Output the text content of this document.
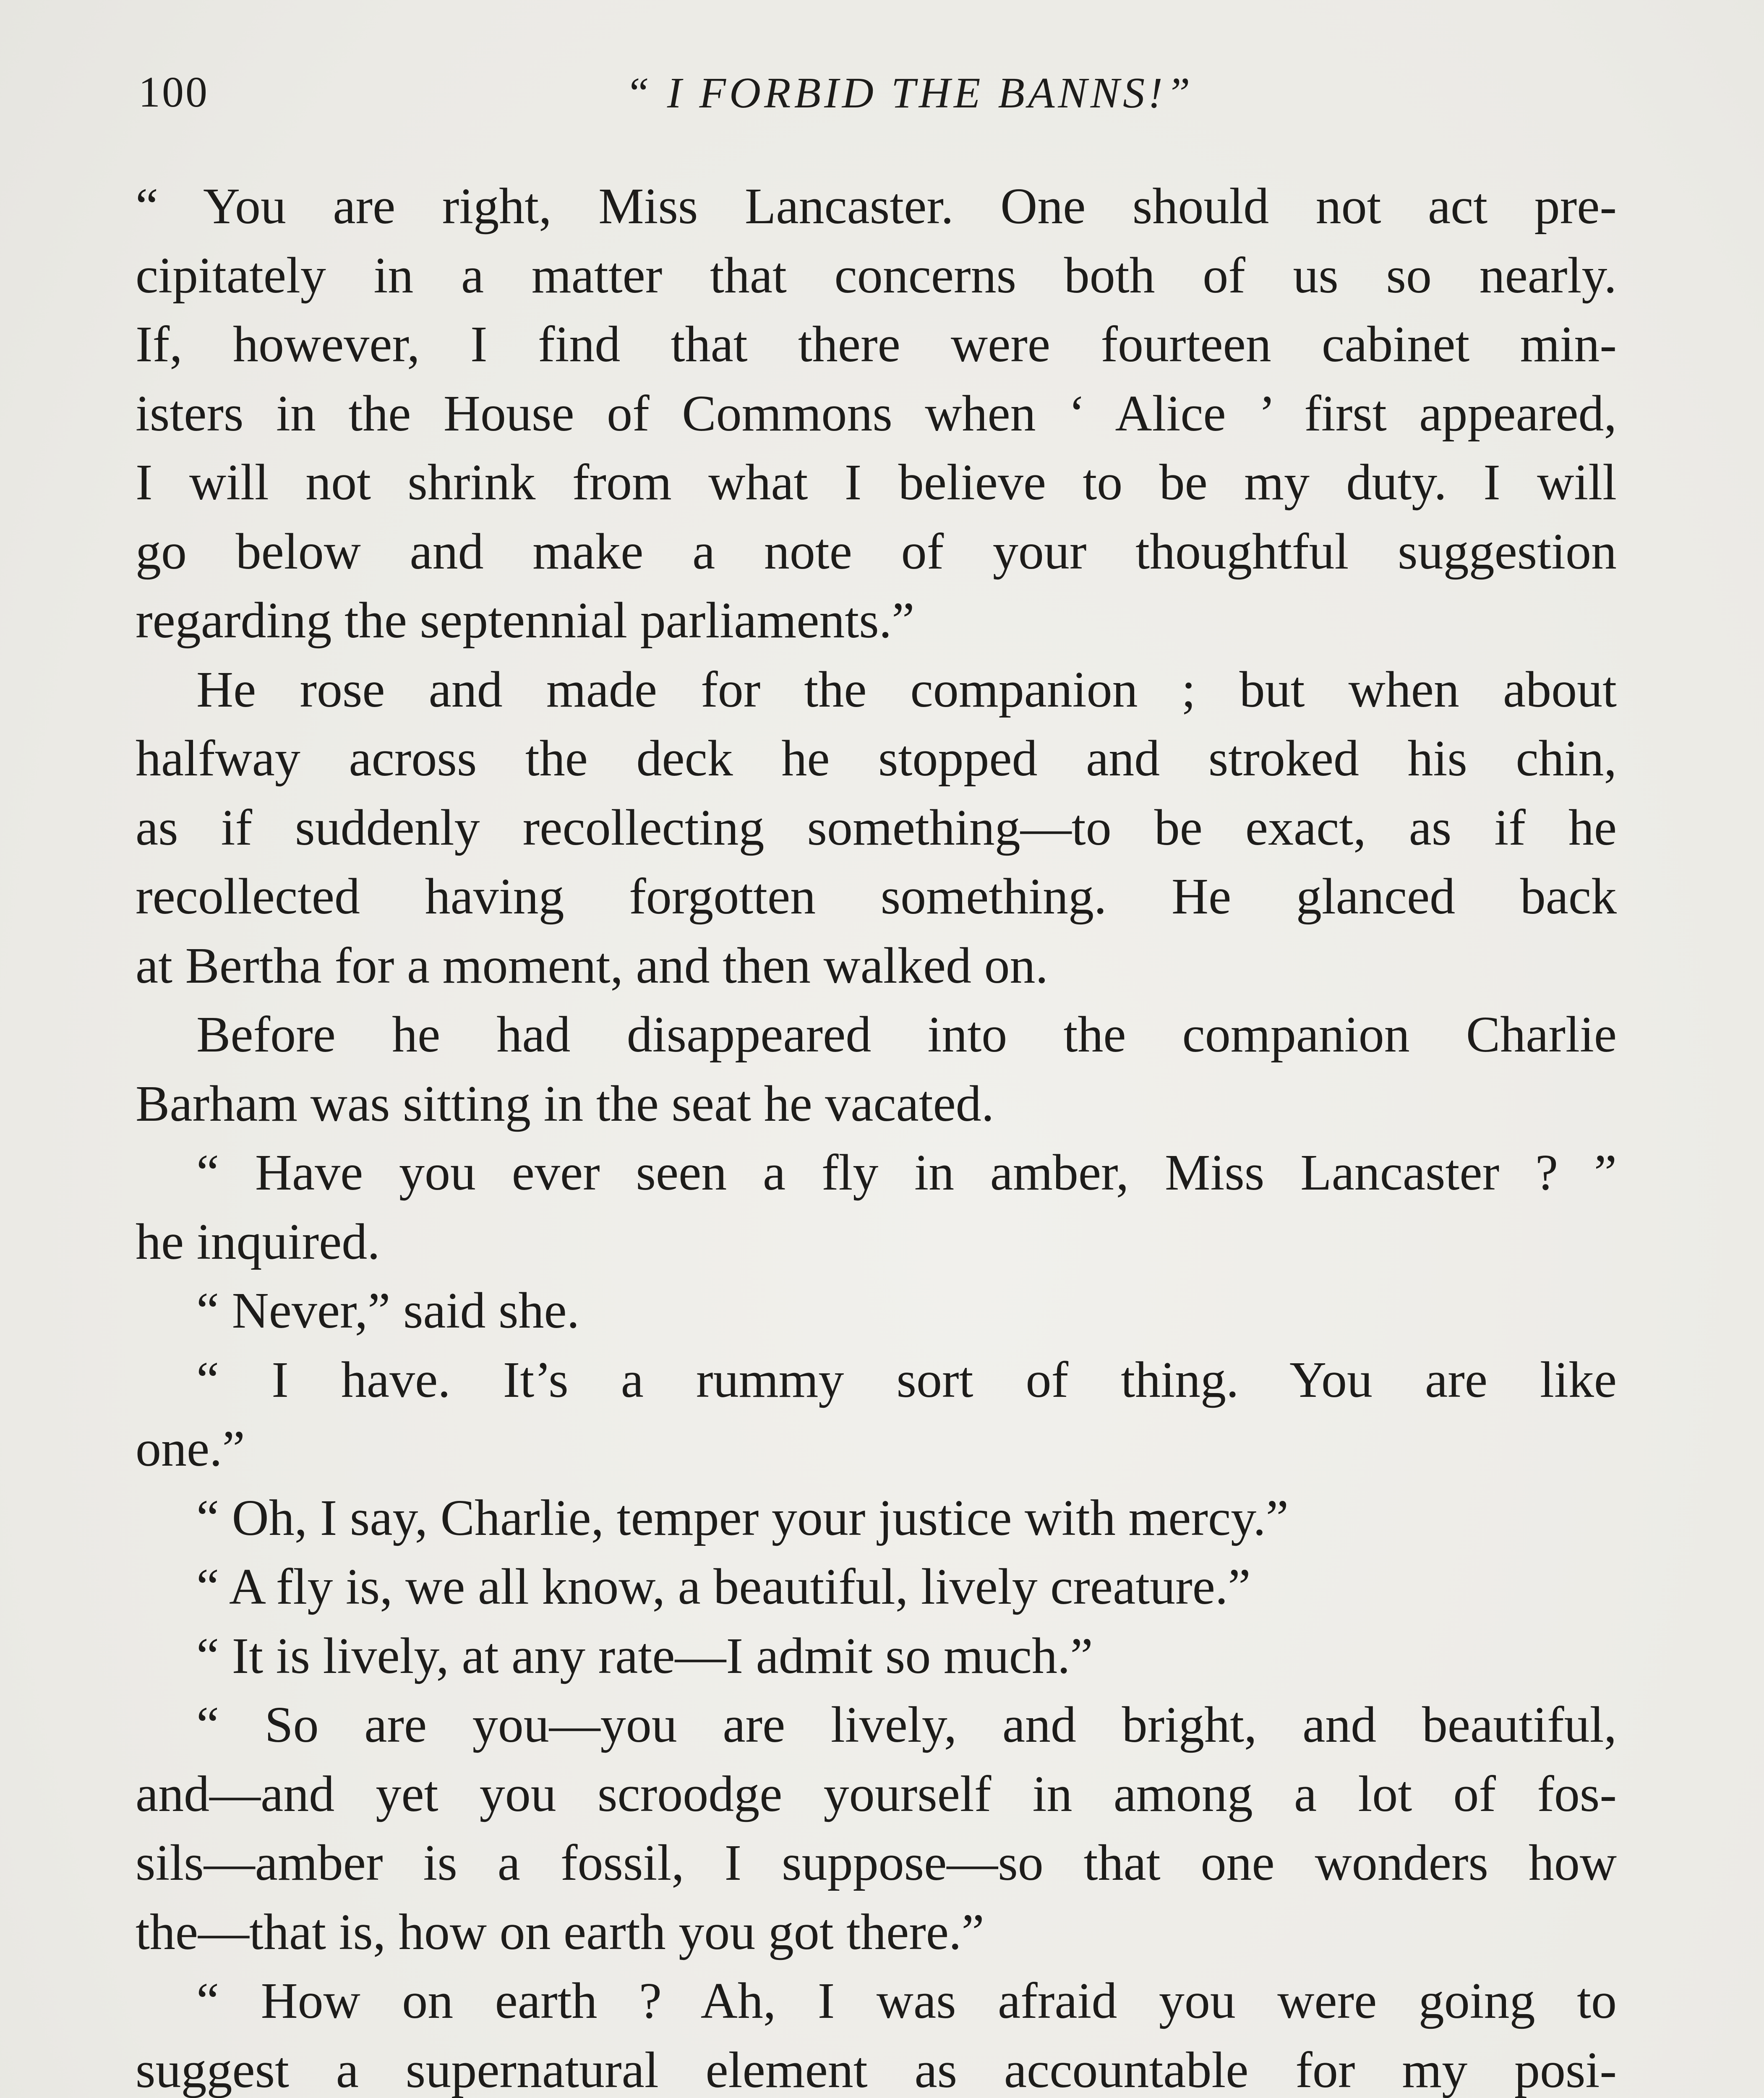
100	“ I FORBID THE BANNS!”
“ You are right, Miss Lancaster. One should not act pre-
cipitately in a matter that concerns both of us so nearly.
If, however, I find that there were fourteen cabinet min-
isters in the House of Commons when ‘ Alice ’ first appeared,
I will not shrink from what I believe to be my duty. I will
go below and make a note of your thoughtful suggestion
regarding the septennial parliaments.”
He rose and made for the companion ; but when about
halfway across the deck he stopped and stroked his chin,
as if suddenly recollecting something—to be exact, as if he
recollected having forgotten something. He glanced back
at Bertha for a moment, and then walked on.
Before he had disappeared into the companion Charlie
Barham was sitting in the seat he vacated.
“ Have you ever seen a fly in amber, Miss Lancaster ? ”
he inquired.
“ Never,” said she.
“ I have. It’s a rummy sort of thing. You are like
one.”
“ Oh, I say, Charlie, temper your justice with mercy.”
“ A fly is, we all know, a beautiful, lively creature.”
“ It is lively, at any rate—I admit so much.”
“ So are you—you are lively, and bright, and beautiful,
and—and yet you scroodge yourself in among a lot of fos-
sils—amber is a fossil, I suppose—so that one wonders how
the—that is, how on earth you got there.”
“ How on earth ? Ah, I was afraid you were going to
suggest a supernatural element as accountable for my posi-
